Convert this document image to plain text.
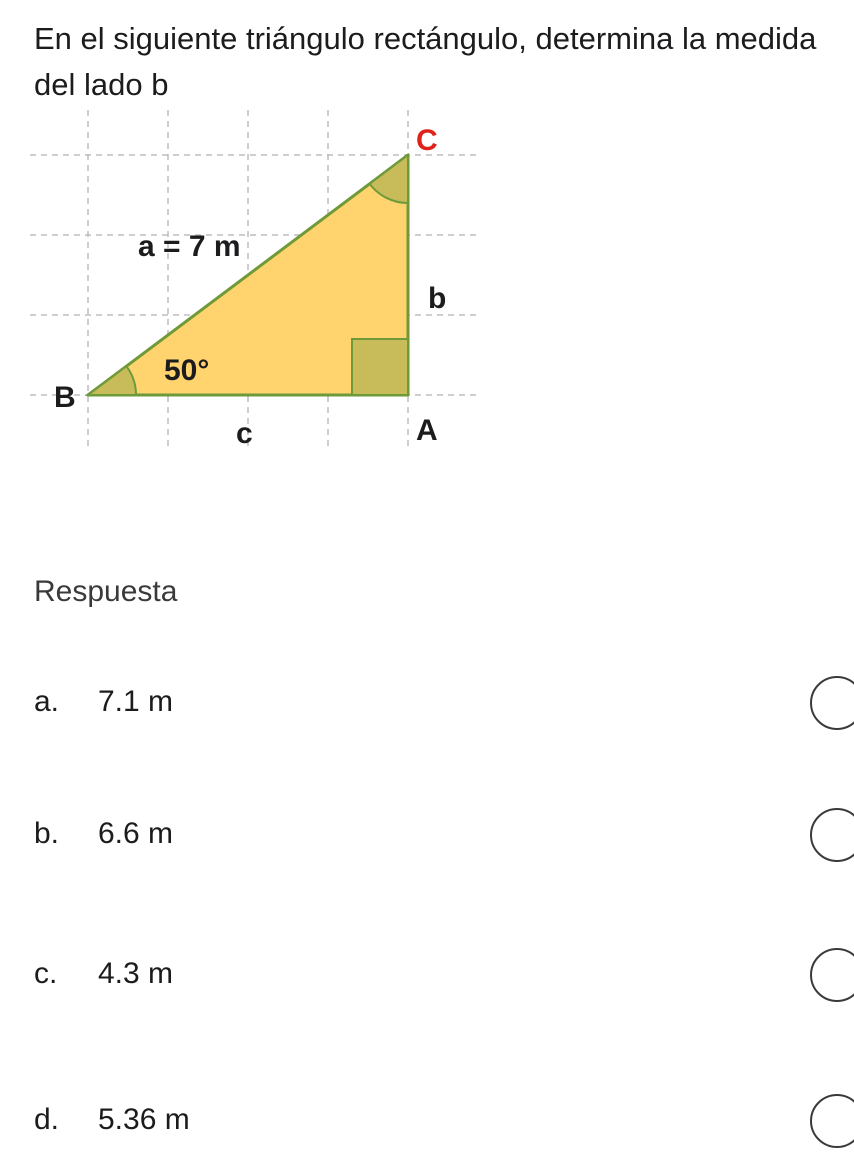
En el siguiente triángulo rectángulo, determina la medida del lado b
C
B
A
a = 7 m
b
c
50°
Respuesta
a. 7.1 m
b. 6.6 m
c. 4.3 m
d. 5.36 m
